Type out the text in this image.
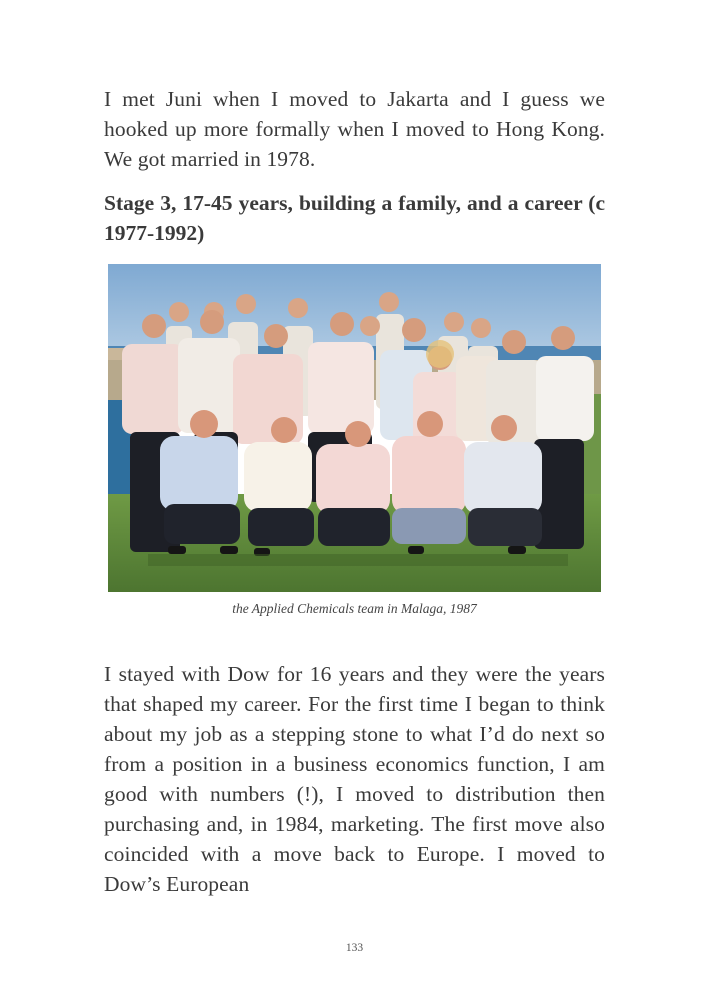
I met Juni when I moved to Jakarta and I guess we hooked up more formally when I moved to Hong Kong. We got married in 1978.

Stage 3, 17-45 years, building a family, and a career (c 1977-1992)

the Applied Chemicals team in Malaga, 1987

I stayed with Dow for 16 years and they were the years that shaped my career. For the first time I began to think about my job as a stepping stone to what I’d do next so from a position in a business economics function, I am good with numbers (!), I moved to distribution then purchasing and, in 1984, marketing. The first move also coincided with a move back to Europe. I moved to Dow’s European

133
